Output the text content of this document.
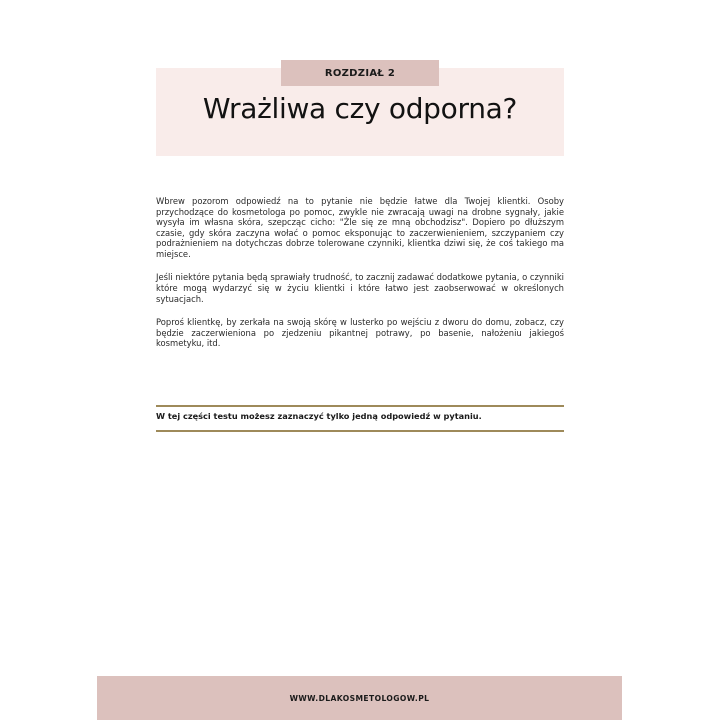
ROZDZIAŁ 2
Wrażliwa czy odporna?

Wbrew pozorom odpowiedź na to pytanie nie będzie łatwe dla Twojej klientki. Osoby przychodzące do kosmetologa po pomoc, zwykle nie zwracają uwagi na drobne sygnały, jakie wysyła im własna skóra, szepcząc cicho: "Źle się ze mną obchodzisz". Dopiero po dłuższym czasie, gdy skóra zaczyna wołać o pomoc eksponując to zaczerwienieniem, szczypaniem czy podrażnieniem na dotychczas dobrze tolerowane czynniki, klientka dziwi się, że coś takiego ma miejsce.

Jeśli niektóre pytania będą sprawiały trudność, to zacznij zadawać dodatkowe pytania, o czynniki które mogą wydarzyć się w życiu klientki i które łatwo jest zaobserwować w określonych sytuacjach.

Poproś klientkę, by zerkała na swoją skórę w lusterko po wejściu z dworu do domu, zobacz, czy będzie zaczerwieniona po zjedzeniu pikantnej potrawy, po basenie, nałożeniu jakiegoś kosmetyku, itd.

W tej części testu możesz zaznaczyć tylko jedną odpowiedź w pytaniu.
WWW.DLAKOSMETOLOGOW.PL
